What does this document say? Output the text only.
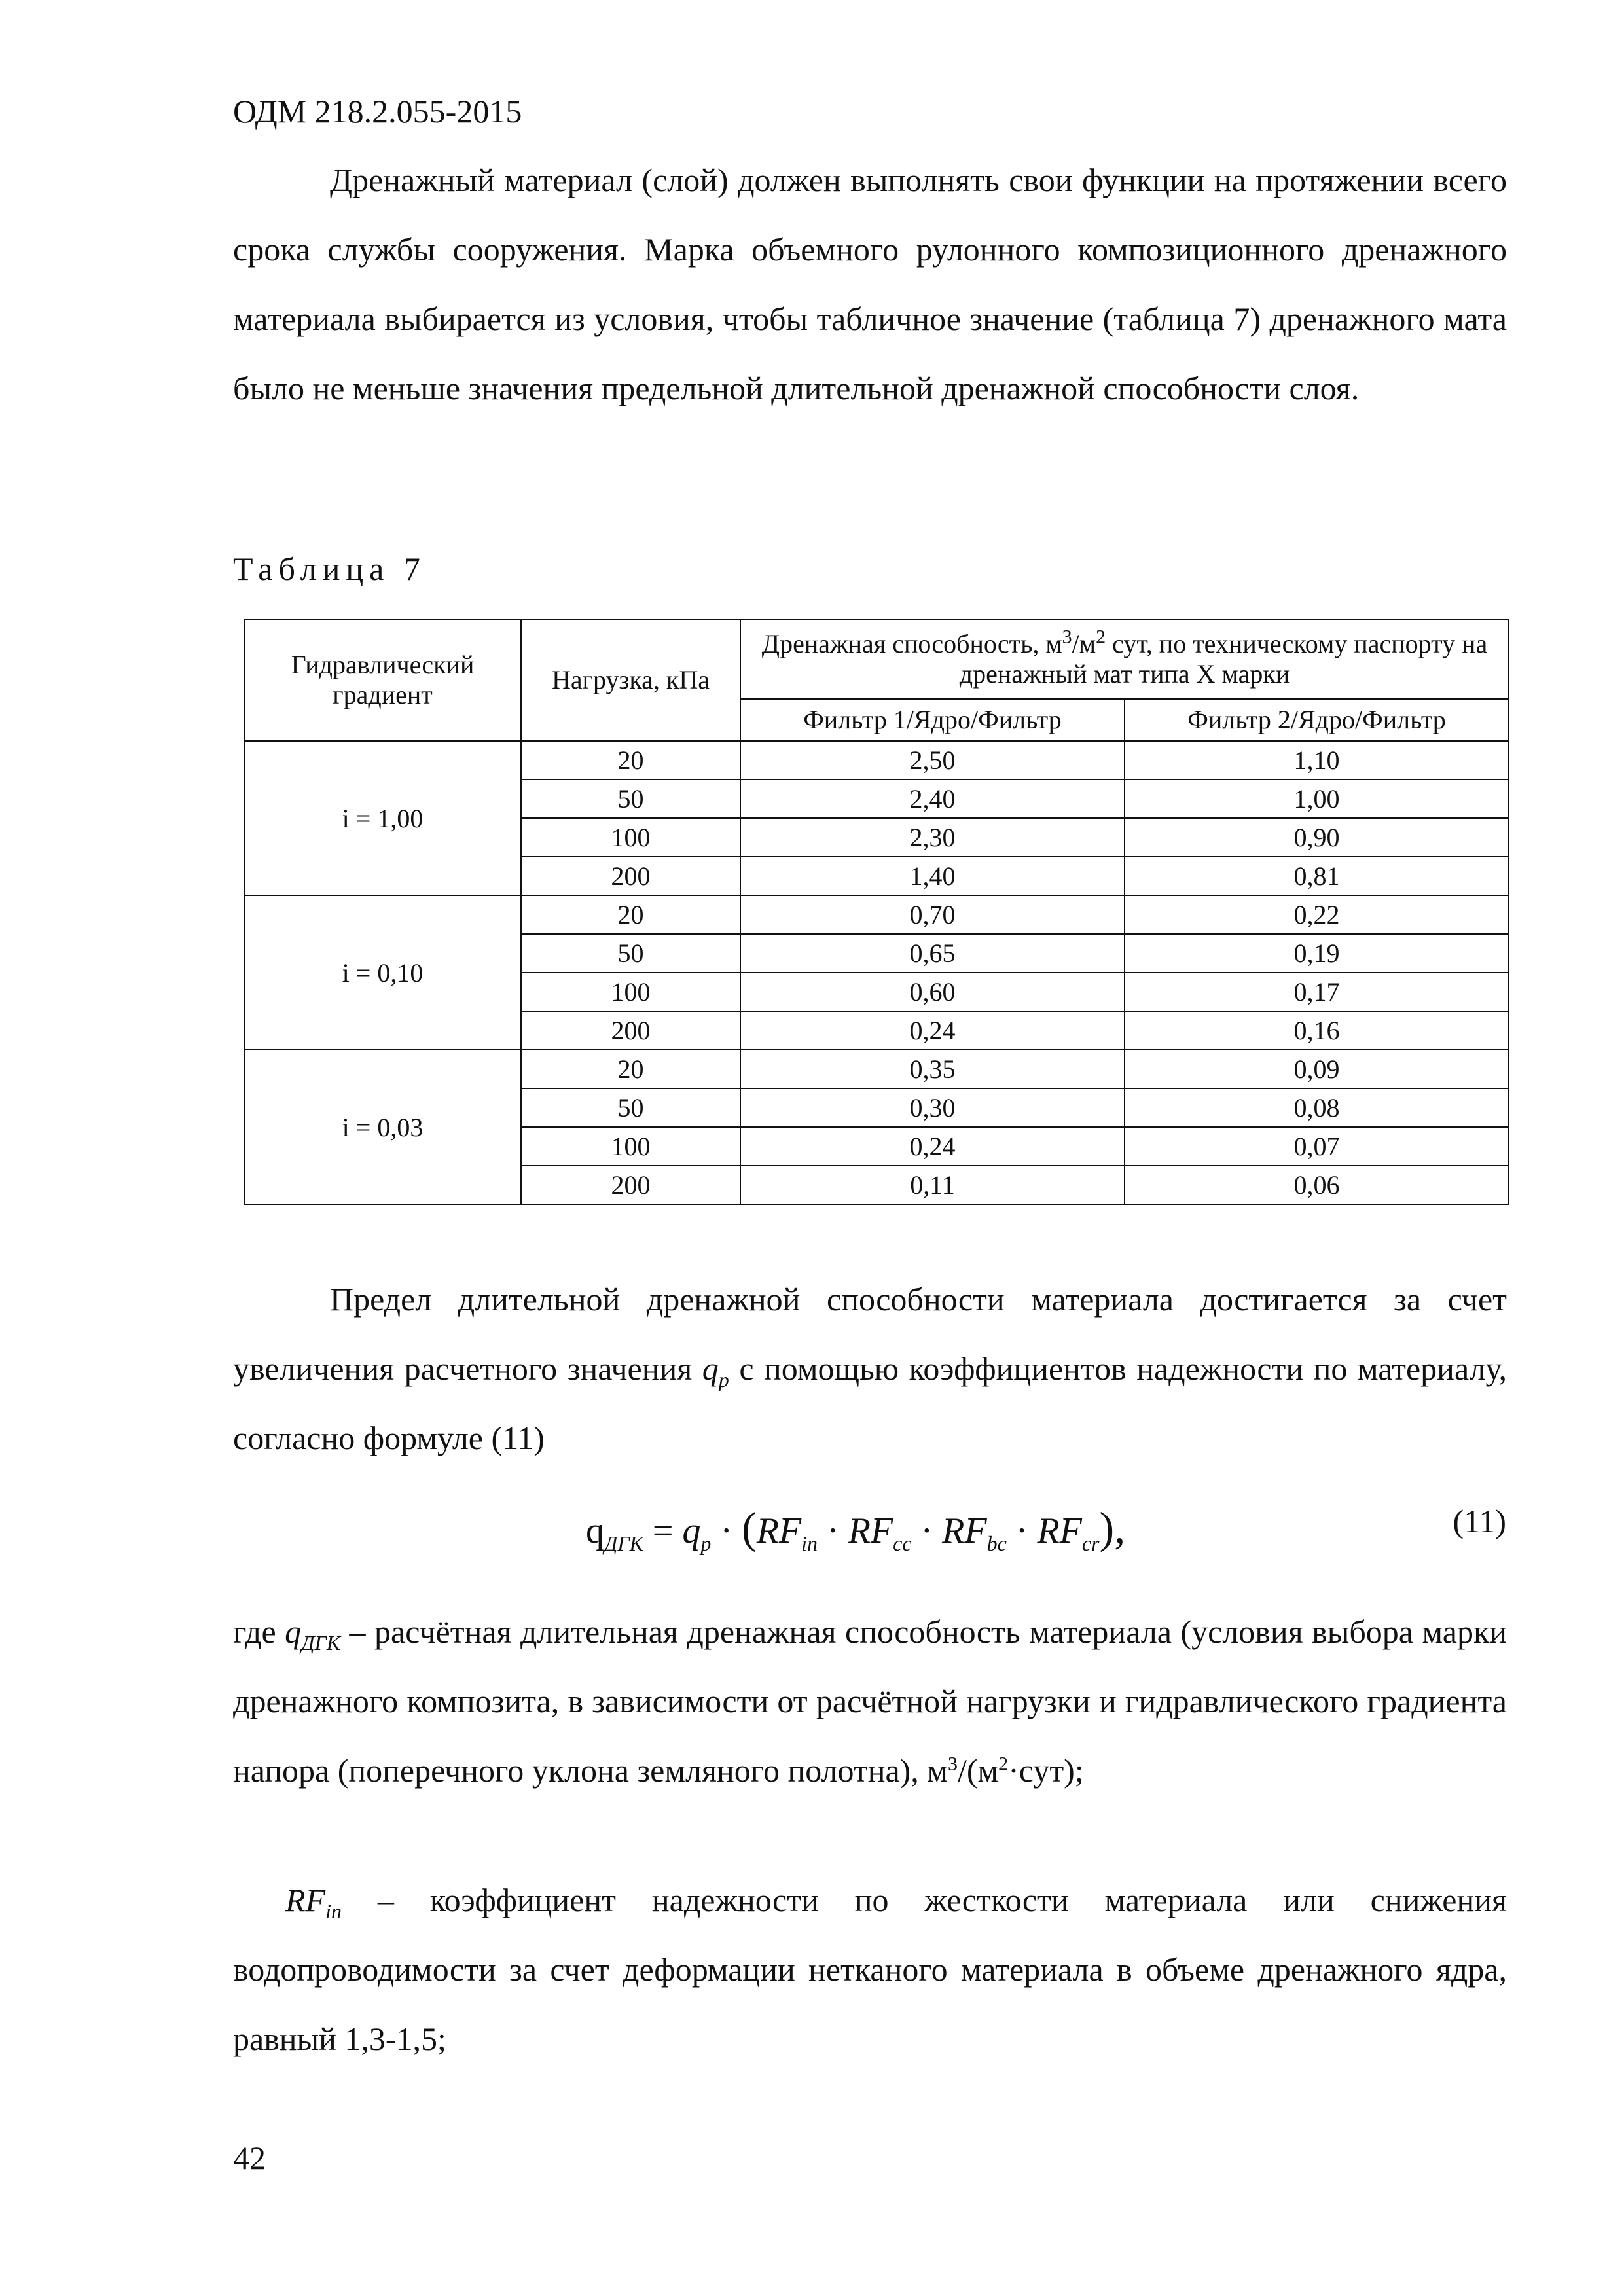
ОДМ 218.2.055-2015

Дренажный материал (слой) должен выполнять свои функции на протяжении всего срока службы сооружения. Марка объемного рулонного композиционного дренажного материала выбирается из условия, чтобы табличное значение (таблица 7) дренажного мата было не меньше значения предельной длительной дренажной способности слоя.

Таблица 7
Гидравлический градиент	Нагрузка, кПа	Дренажная способность, $м^3/м^2$ сут, по техническому паспорту на дренажный мат типа X марки	
		Фильтр 1/Ядро/Фильтр	Фильтр 2/Ядро/Фильтр
i = 1,00	20	2,50	1,10
	50	2,40	1,00
	100	2,30	0,90
	200	1,40	0,81
i = 0,10	20	0,70	0,22
	50	0,65	0,19
	100	0,60	0,17
	200	0,24	0,16
i = 0,03	20	0,35	0,09
	50	0,30	0,08
	100	0,24	0,07
	200	0,11	0,06

Предел длительной дренажной способности материала достигается за счет увеличения расчетного значения $q_p$ с помощью коэффициентов надежности по материалу, согласно формуле (11)

$q_{ДГК} = q_p \cdot (RF_{in} \cdot RF_{cc} \cdot RF_{bc} \cdot RF_{cr})$,	(11)

где $q_{ДГК}$ – расчётная длительная дренажная способность материала (условия выбора марки дренажного композита, в зависимости от расчётной нагрузки и гидравлического градиента напора (поперечного уклона земляного полотна), $м^3/(м^2\cdot сут)$;

$RF_{in}$ – коэффициент надежности по жесткости материала или снижения водопроводимости за счет деформации нетканого материала в объеме дренажного ядра, равный 1,3-1,5;

42
